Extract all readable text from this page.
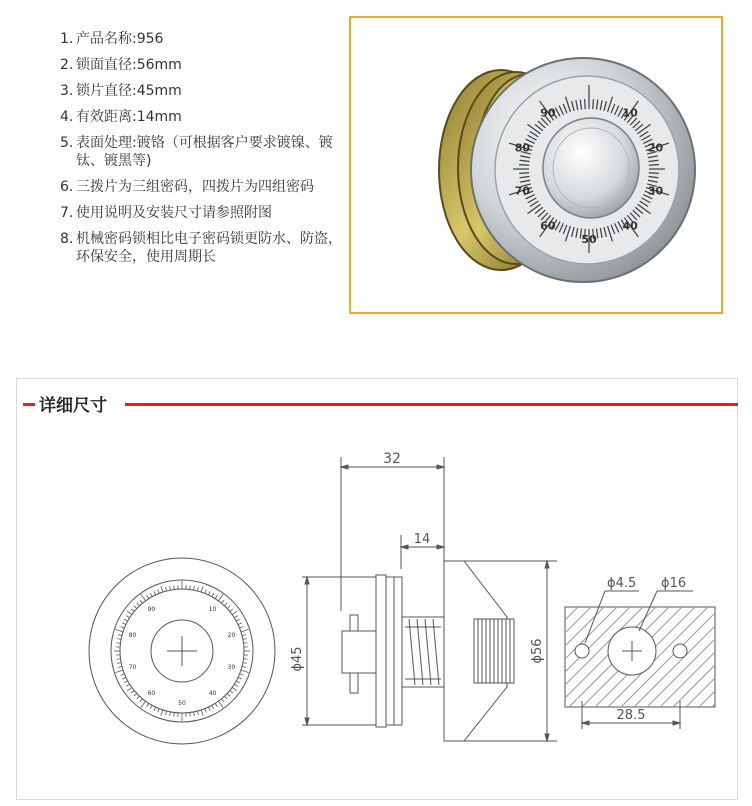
1. 产品名称:956
2. 锁面直径:56mm
3. 锁片直径:45mm
4. 有效距离:14mm
5. 表面处理:镀铬（可根据客户要求镀镍、镀钛、镀黑等)
6. 三拨片为三组密码，四拨片为四组密码
7. 使用说明及安装尺寸请参照附图
8. 机械密码锁相比电子密码锁更防水、防盗，环保安全，使用周期长
10
20
30
40
50
60
70
80
90
详细尺寸
10
20
30
40
50
60
70
80
90
32
14
ϕ45	ϕ56
ϕ4.5 ϕ16
28.5
